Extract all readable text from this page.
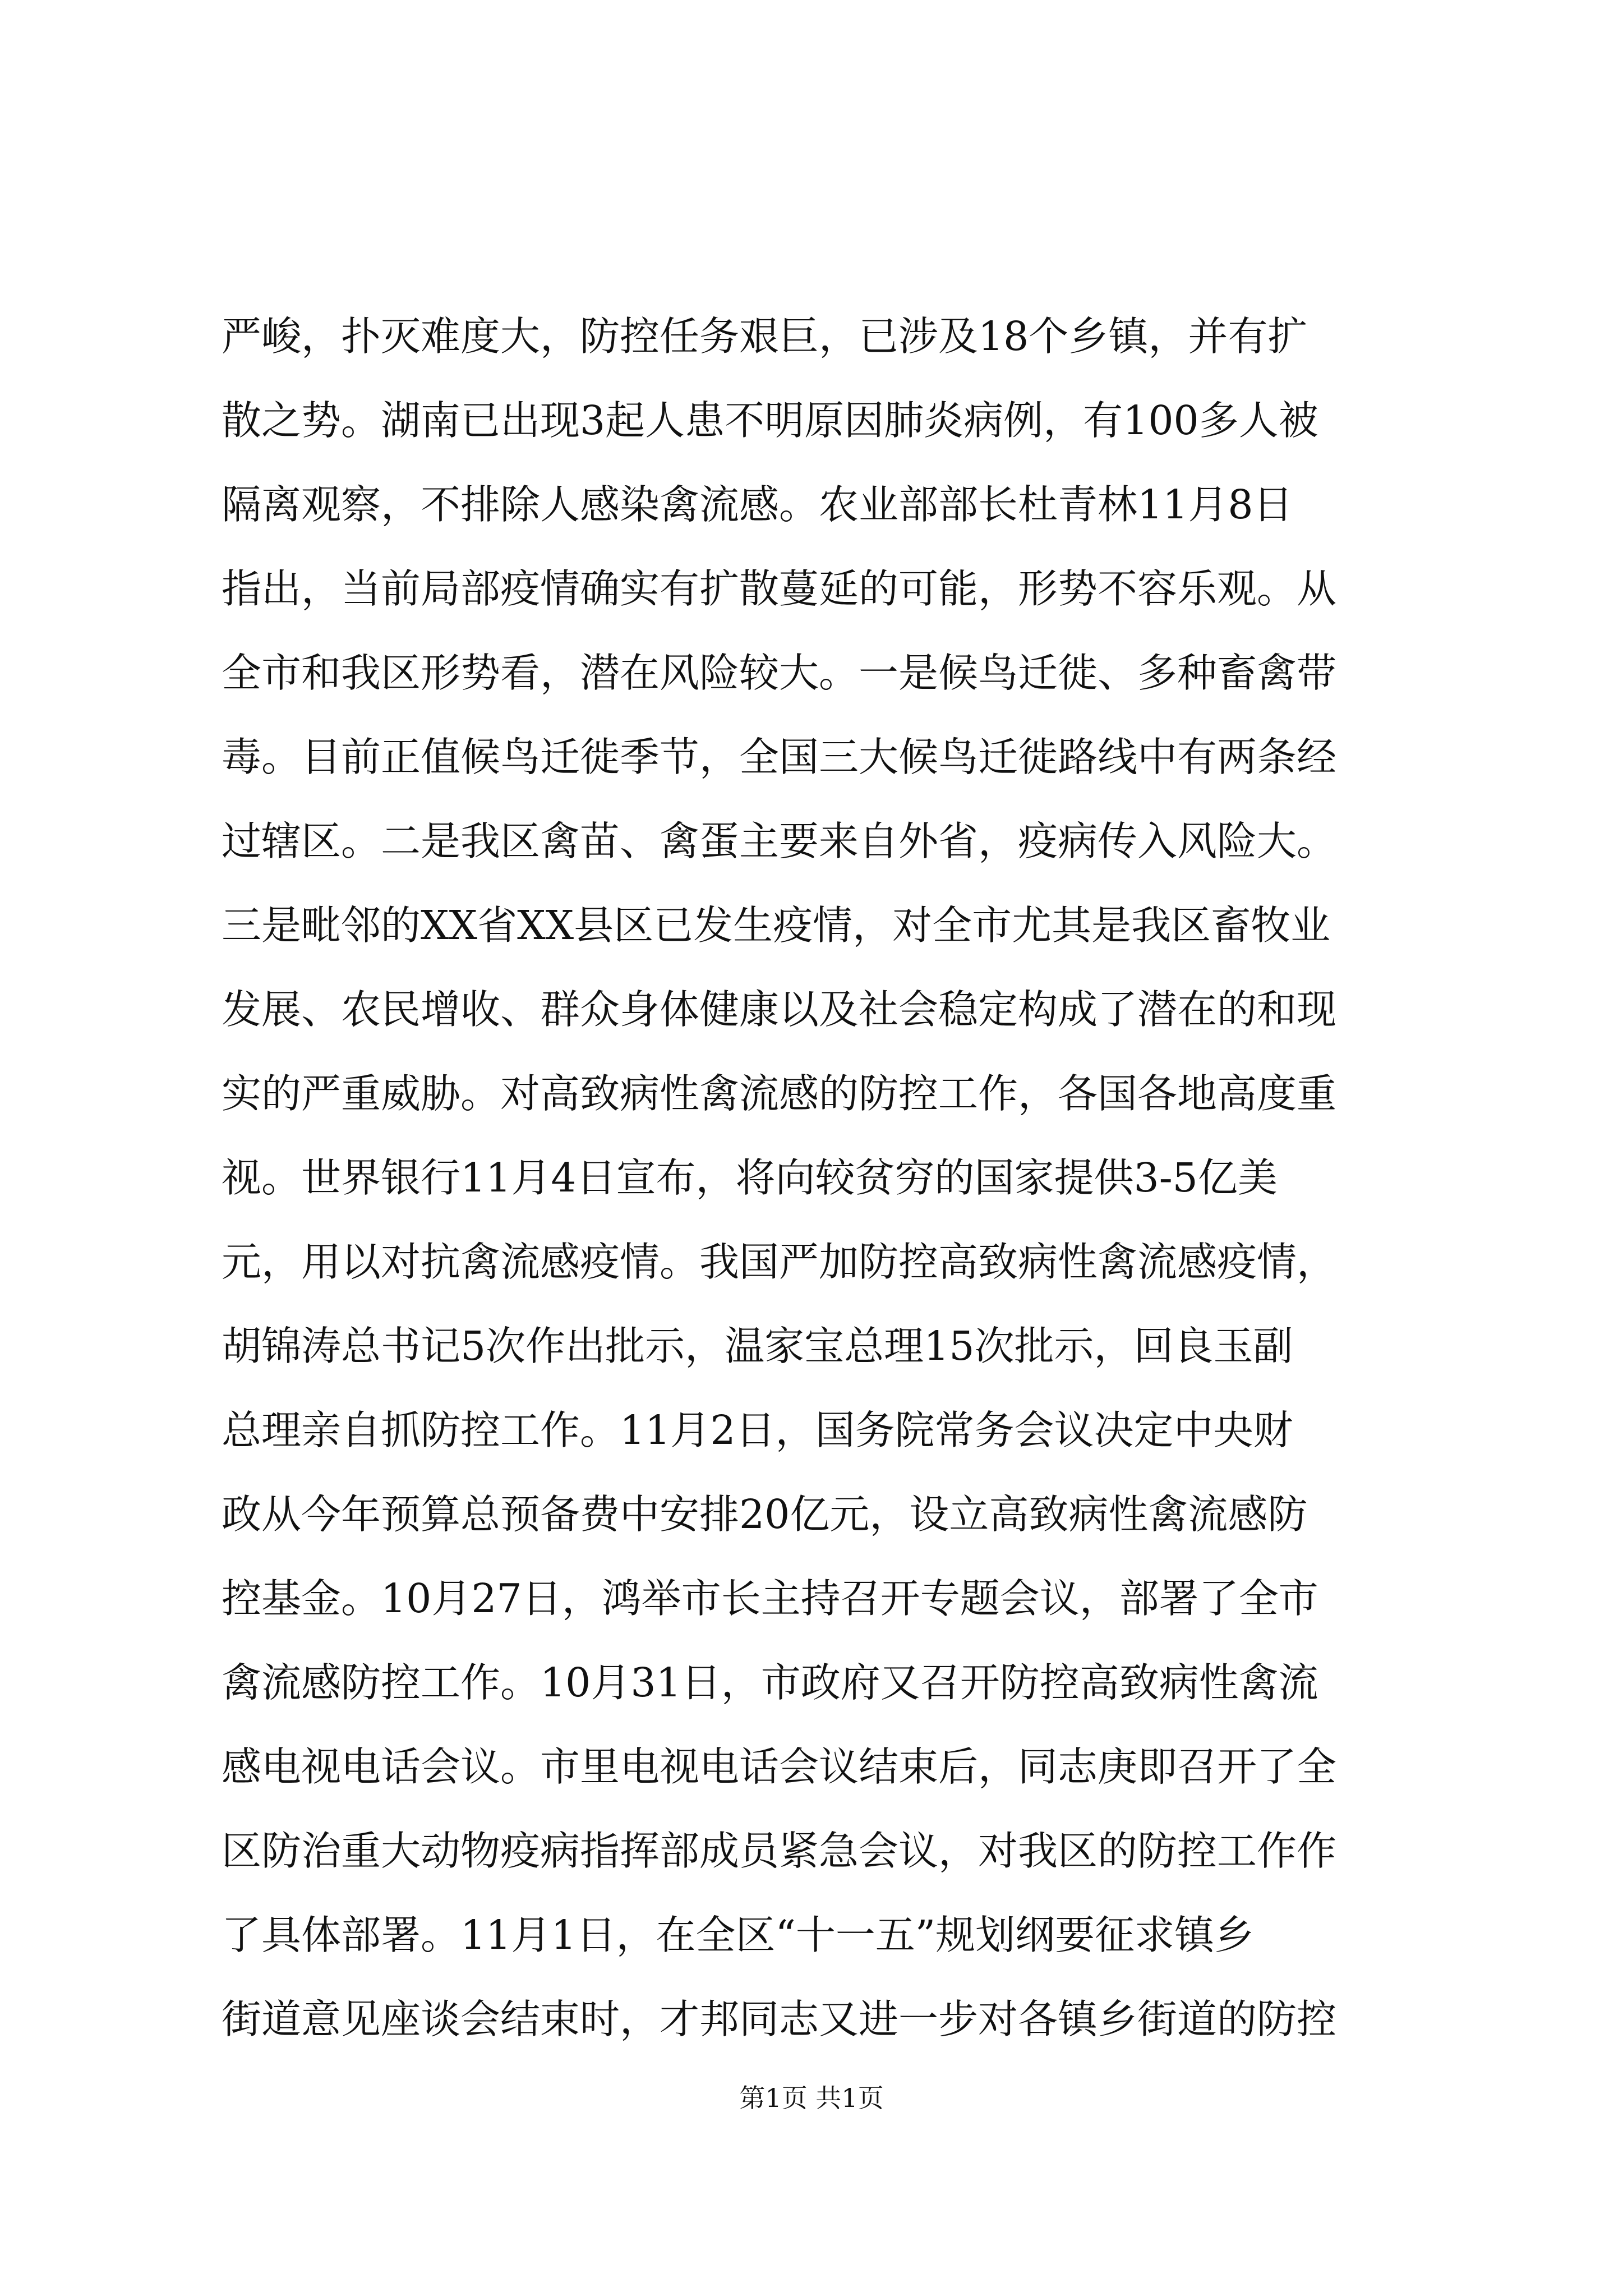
严峻，扑灭难度大，防控任务艰巨，已涉及18个乡镇，并有扩
散之势。湖南已出现3起人患不明原因肺炎病例，有100多人被
隔离观察，不排除人感染禽流感。农业部部长杜青林11月8日
指出，当前局部疫情确实有扩散蔓延的可能，形势不容乐观。从
全市和我区形势看，潜在风险较大。一是候鸟迁徙、多种畜禽带
毒。目前正值候鸟迁徙季节，全国三大候鸟迁徙路线中有两条经
过辖区。二是我区禽苗、禽蛋主要来自外省，疫病传入风险大。
三是毗邻的XX省XX县区已发生疫情，对全市尤其是我区畜牧业
发展、农民增收、群众身体健康以及社会稳定构成了潜在的和现
实的严重威胁。对高致病性禽流感的防控工作，各国各地高度重
视。世界银行11月4日宣布，将向较贫穷的国家提供3-5亿美
元，用以对抗禽流感疫情。我国严加防控高致病性禽流感疫情，
胡锦涛总书记5次作出批示，温家宝总理15次批示，回良玉副
总理亲自抓防控工作。11月2日，国务院常务会议决定中央财
政从今年预算总预备费中安排20亿元，设立高致病性禽流感防
控基金。10月27日，鸿举市长主持召开专题会议，部署了全市
禽流感防控工作。10月31日，市政府又召开防控高致病性禽流
感电视电话会议。市里电视电话会议结束后，同志庚即召开了全
区防治重大动物疫病指挥部成员紧急会议，对我区的防控工作作
了具体部署。11月1日，在全区“十一五”规划纲要征求镇乡
街道意见座谈会结束时，才邦同志又进一步对各镇乡街道的防控
第1页 共1页
